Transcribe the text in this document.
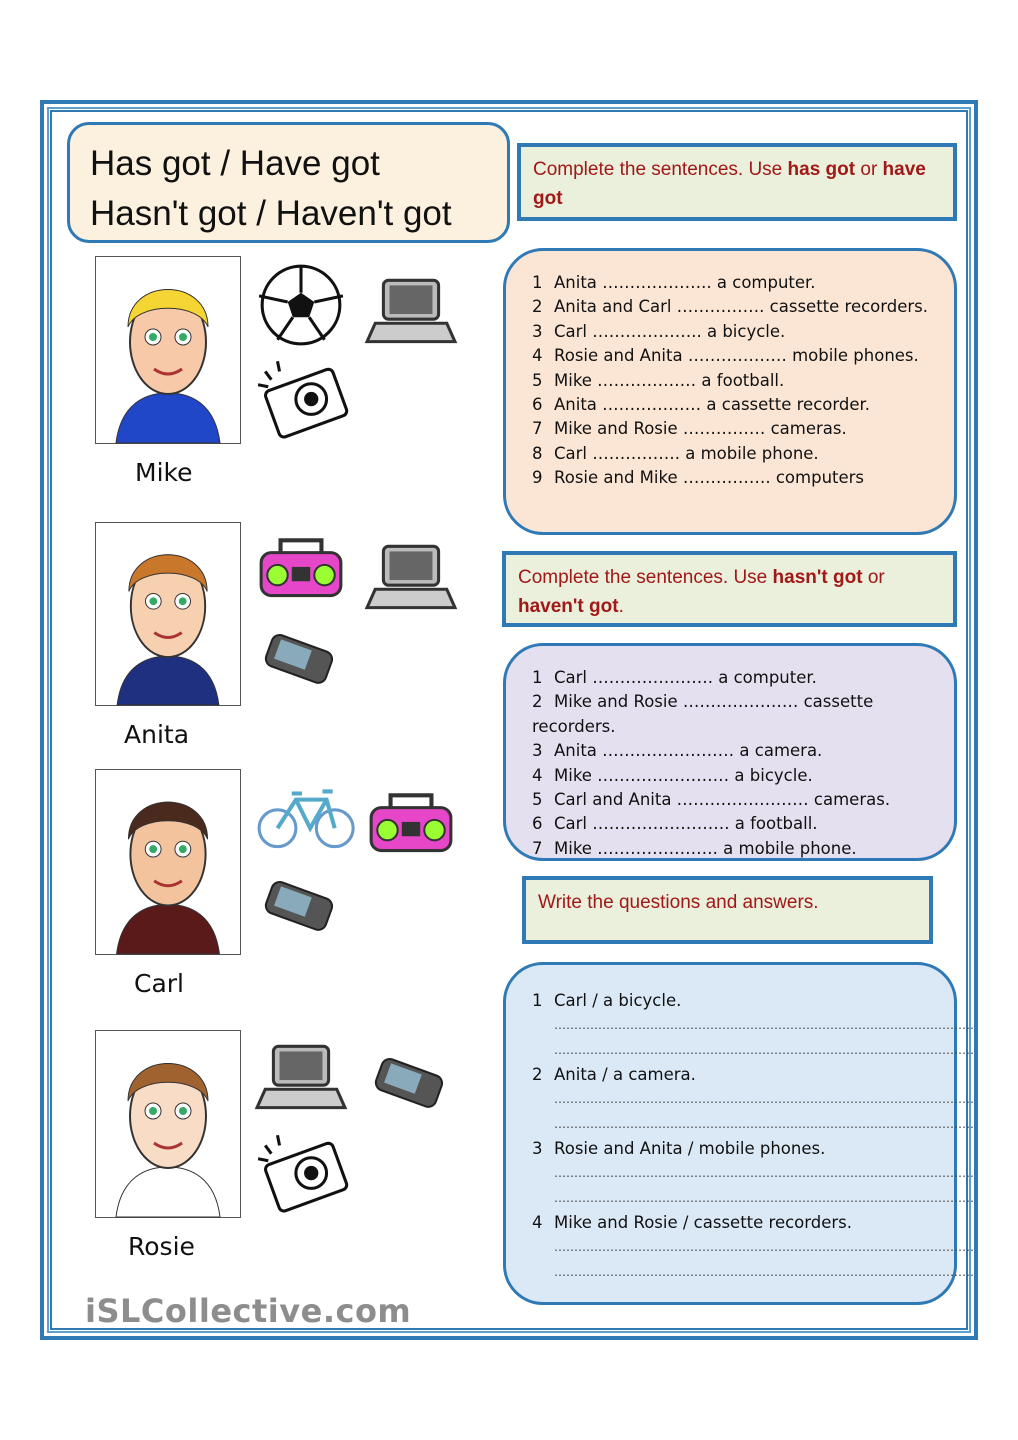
Has got / Have got
Hasn't got / Haven't got
Complete the sentences. Use has got or have got
1 Anita ……………….. a computer.
2 Anita and Carl ……………. cassette recorders.
3 Carl ……………….. a bicycle.
4 Rosie and Anita ……………… mobile phones.
5 Mike ……………… a football.
6 Anita ……………… a cassette recorder.
7 Mike and Rosie …………… cameras.
8 Carl ……………. a mobile phone.
9 Rosie and Mike ……………. computers
Complete the sentences. Use hasn't got or haven't got.
1 Carl …………………. a computer.
2 Mike and Rosie ………………… cassette recorders.
3 Anita …………………… a camera.
4 Mike …………………… a bicycle.
5 Carl and Anita …………………… cameras.
6 Carl ……………………. a football.
7 Mike …………………. a mobile phone.
Write the questions and answers.
1 Carl / a bicycle.
……………………………………………………………………………………………
……………………………………………………………………………………………
2 Anita / a camera.
……………………………………………………………………………………………
……………………………………………………………………………………………
3 Rosie and Anita / mobile phones.
……………………………………………………………………………………………
……………………………………………………………………………………………
4 Mike and Rosie / cassette recorders.
……………………………………………………………………………………………
……………………………………………………………………………………………
Mike
Anita
Carl
Rosie
iSLCollective.com
